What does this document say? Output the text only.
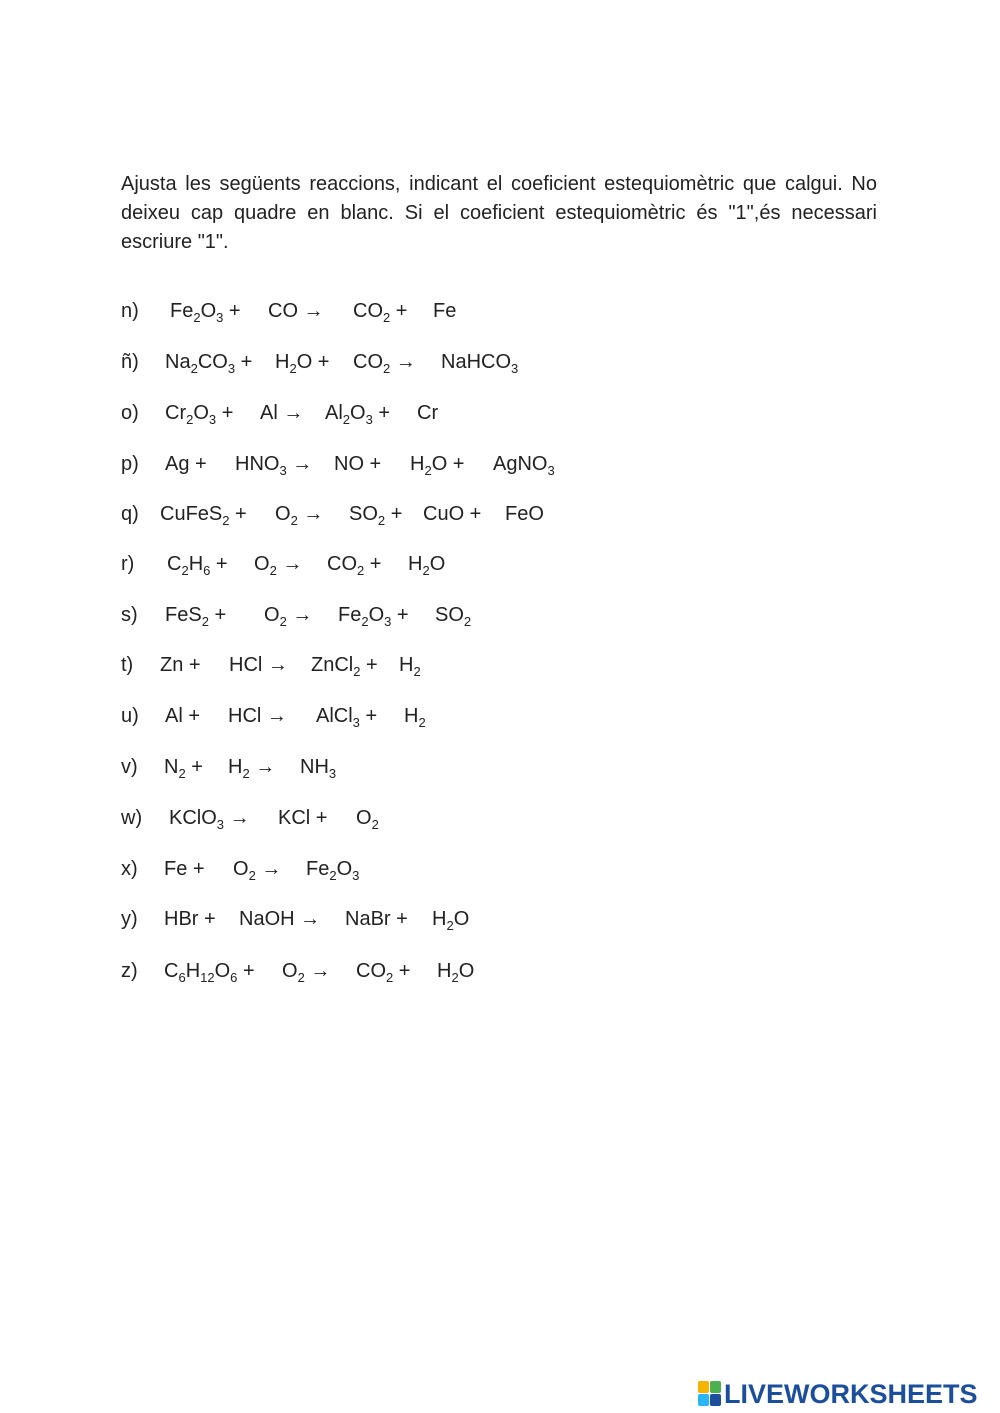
Ajusta les següents reaccions, indicant el coeficient estequiomètric que calgui. No deixeu cap quadre en blanc. Si el coeficient estequiomètric és "1",és necessari escriure "1".

n) $Fe_2O_3$ + CO → $CO_2 + Fe$
ñ) $Na_2CO_3 + H_2O + CO_2$ → NaHCO$_3$
o) $Cr_2O_3 + Al \to Al_2O_3 + Cr$
p) $Ag + HNO_3$ → NO + $H_2O$ + AgNO$_3$
q) CuFeS$_2$ + $O_2 \to SO_2$ + CuO + FeO
r) $C_2H_6 + O_2 \to CO_2 + H_2O$
s) $FeS_2 + O_2 \to Fe_2O_3 + SO_2$
t) Zn + HCl → ZnCl$_2$ + $H_2$
u) Al + HCl → AlCl$_3$ + $H_2$
v) $N_2 + H_2 \to NH_3$
w) KClO$_3$ → KCl + $O_2$
x) $Fe + O_2 \to Fe_2O_3$
y) HBr + NaOH → NaBr + $H_2O$
z) $C_6H_{12}O_6 + O_2 \to CO_2 + H_2O$
LIVEWORKSHEETS
